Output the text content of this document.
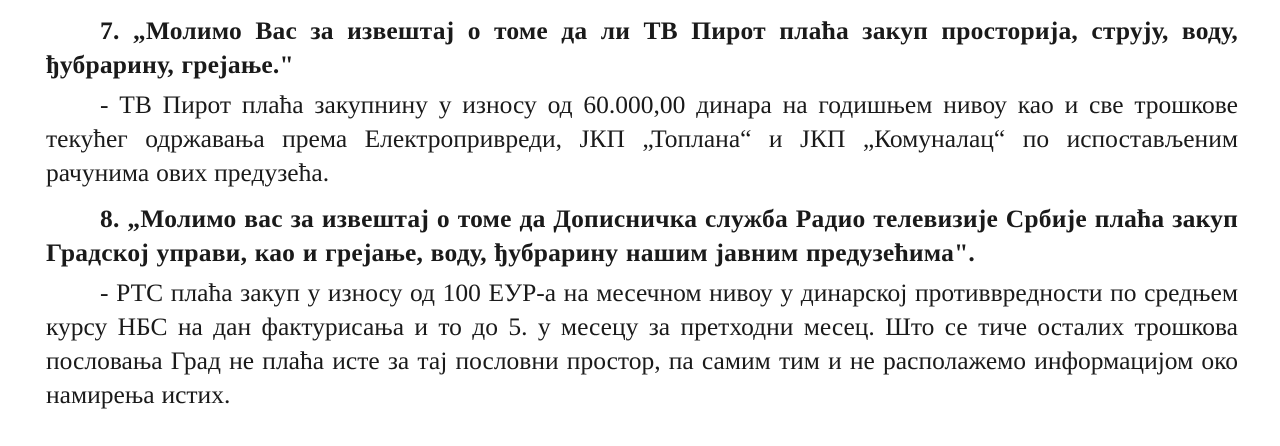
7. „Молимо Вас за извештај о томе да ли ТВ Пирот плаћа закуп просторија, струју, воду, ђубрарину, грејање."

- ТВ Пирот плаћа закупнину у износу од 60.000,00 динара на годишњем нивоу као и све трошкове текућег одржавања према Електропривреди, ЈКП „Топлана“ и ЈКП „Комуналац“ по испостављеним рачунима ових предузећа.

8. „Молимо вас за извештај о томе да Дописничка служба Радио телевизије Србије плаћа закуп Градској управи, као и грејање, воду, ђубрарину нашим јавним предузећима".

- РТС плаћа закуп у износу од 100 ЕУР-а на месечном нивоу у динарској противвредности по средњем курсу НБС на дан фактурисања и то до 5. у месецу за претходни месец. Што се тиче осталих трошкова пословања Град не плаћа исте за тај пословни простор, па самим тим и не располажемо информацијом око намирења истих.
